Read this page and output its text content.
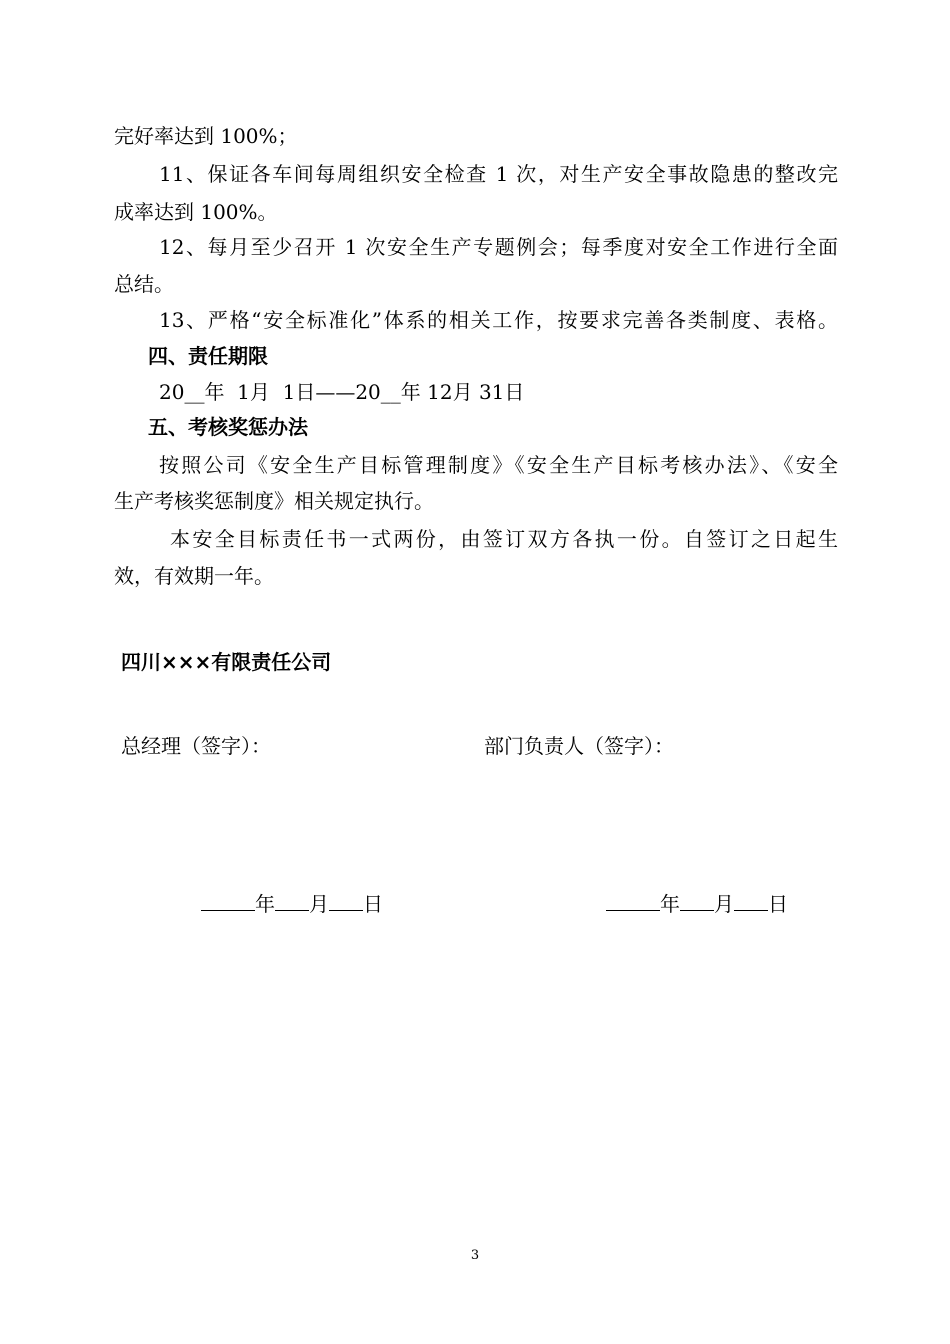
完好率达到 100%；
11、保证各车间每周组织安全检查 1 次，对生产安全事故隐患的整改完
成率达到 100%。
12、每月至少召开 1 次安全生产专题例会；每季度对安全工作进行全面
总结。
13、严格“安全标准化”体系的相关工作，按要求完善各类制度、表格。
四、责任期限
20__年  1月  1日——20__年 12月 31日
五、考核奖惩办法
按照公司《安全生产目标管理制度》《安全生产目标考核办法》、《安全
生产考核奖惩制度》相关规定执行。
本安全目标责任书一式两份，由签订双方各执一份。自签订之日起生
效，有效期一年。
四川×××有限责任公司
总经理（签字）：	部门负责人（签字）：
年 月 日	年 月 日
3
